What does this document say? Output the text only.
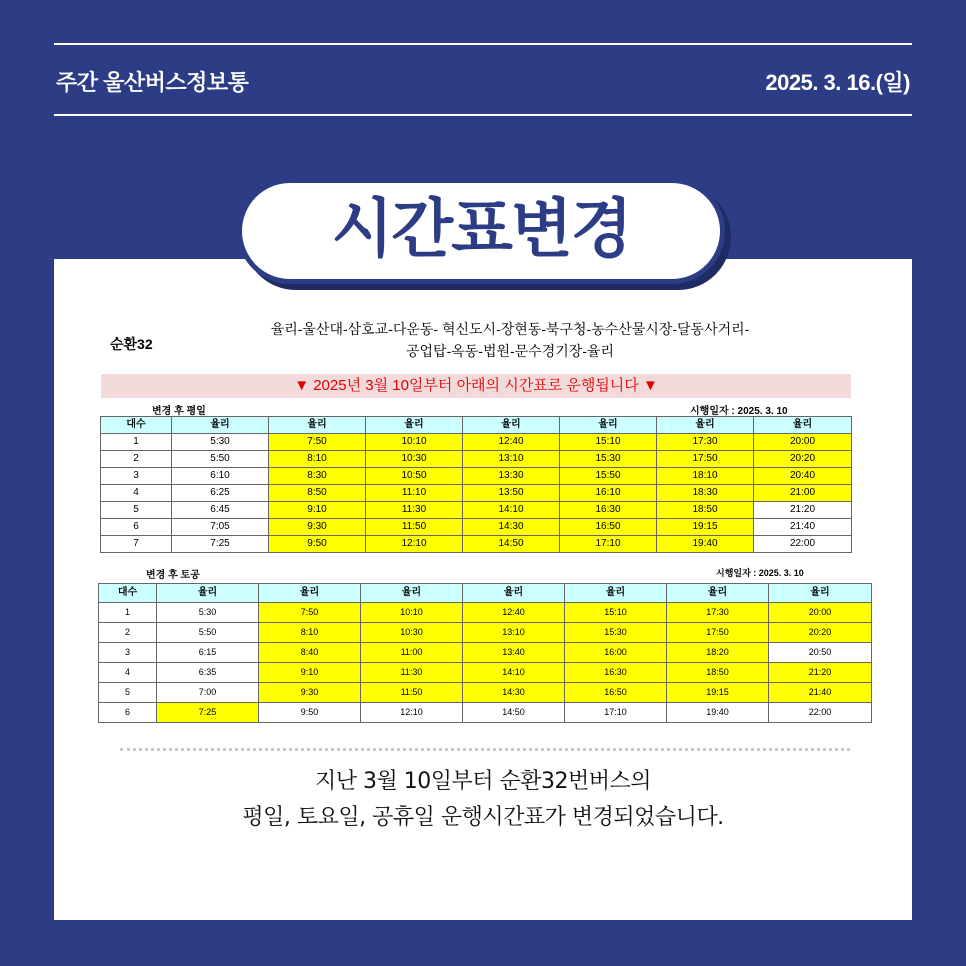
주간 울산버스정보통	2025. 3. 16.(일)
시간표변경
순환32
율리-울산대-삼호교-다운동- 혁신도시-장현동-북구청-농수산물시장-달동사거리-
공업탑-옥동-법원-문수경기장-율리
▼ 2025년 3월 10일부터 아래의 시간표로 운행됩니다 ▼
변경 후 평일	시행일자 : 2025. 3. 10
대수	율리	율리	율리	율리	율리	율리	율리
1	5:30	7:50	10:10	12:40	15:10	17:30	20:00
2	5:50	8:10	10:30	13:10	15:30	17:50	20:20
3	6:10	8:30	10:50	13:30	15:50	18:10	20:40
4	6:25	8:50	11:10	13:50	16:10	18:30	21:00
5	6:45	9:10	11:30	14:10	16:30	18:50	21:20
6	7:05	9:30	11:50	14:30	16:50	19:15	21:40
7	7:25	9:50	12:10	14:50	17:10	19:40	22:00
변경 후 토공	시행일자 : 2025. 3. 10
대수	율리	율리	율리	율리	율리	율리	율리
1	5:30	7:50	10:10	12:40	15:10	17:30	20:00
2	5:50	8:10	10:30	13:10	15:30	17:50	20:20
3	6:15	8:40	11:00	13:40	16:00	18:20	20:50
4	6:35	9:10	11:30	14:10	16:30	18:50	21:20
5	7:00	9:30	11:50	14:30	16:50	19:15	21:40
6	7:25	9:50	12:10	14:50	17:10	19:40	22:00
지난 3월 10일부터 순환32번버스의
평일, 토요일, 공휴일 운행시간표가 변경되었습니다.
